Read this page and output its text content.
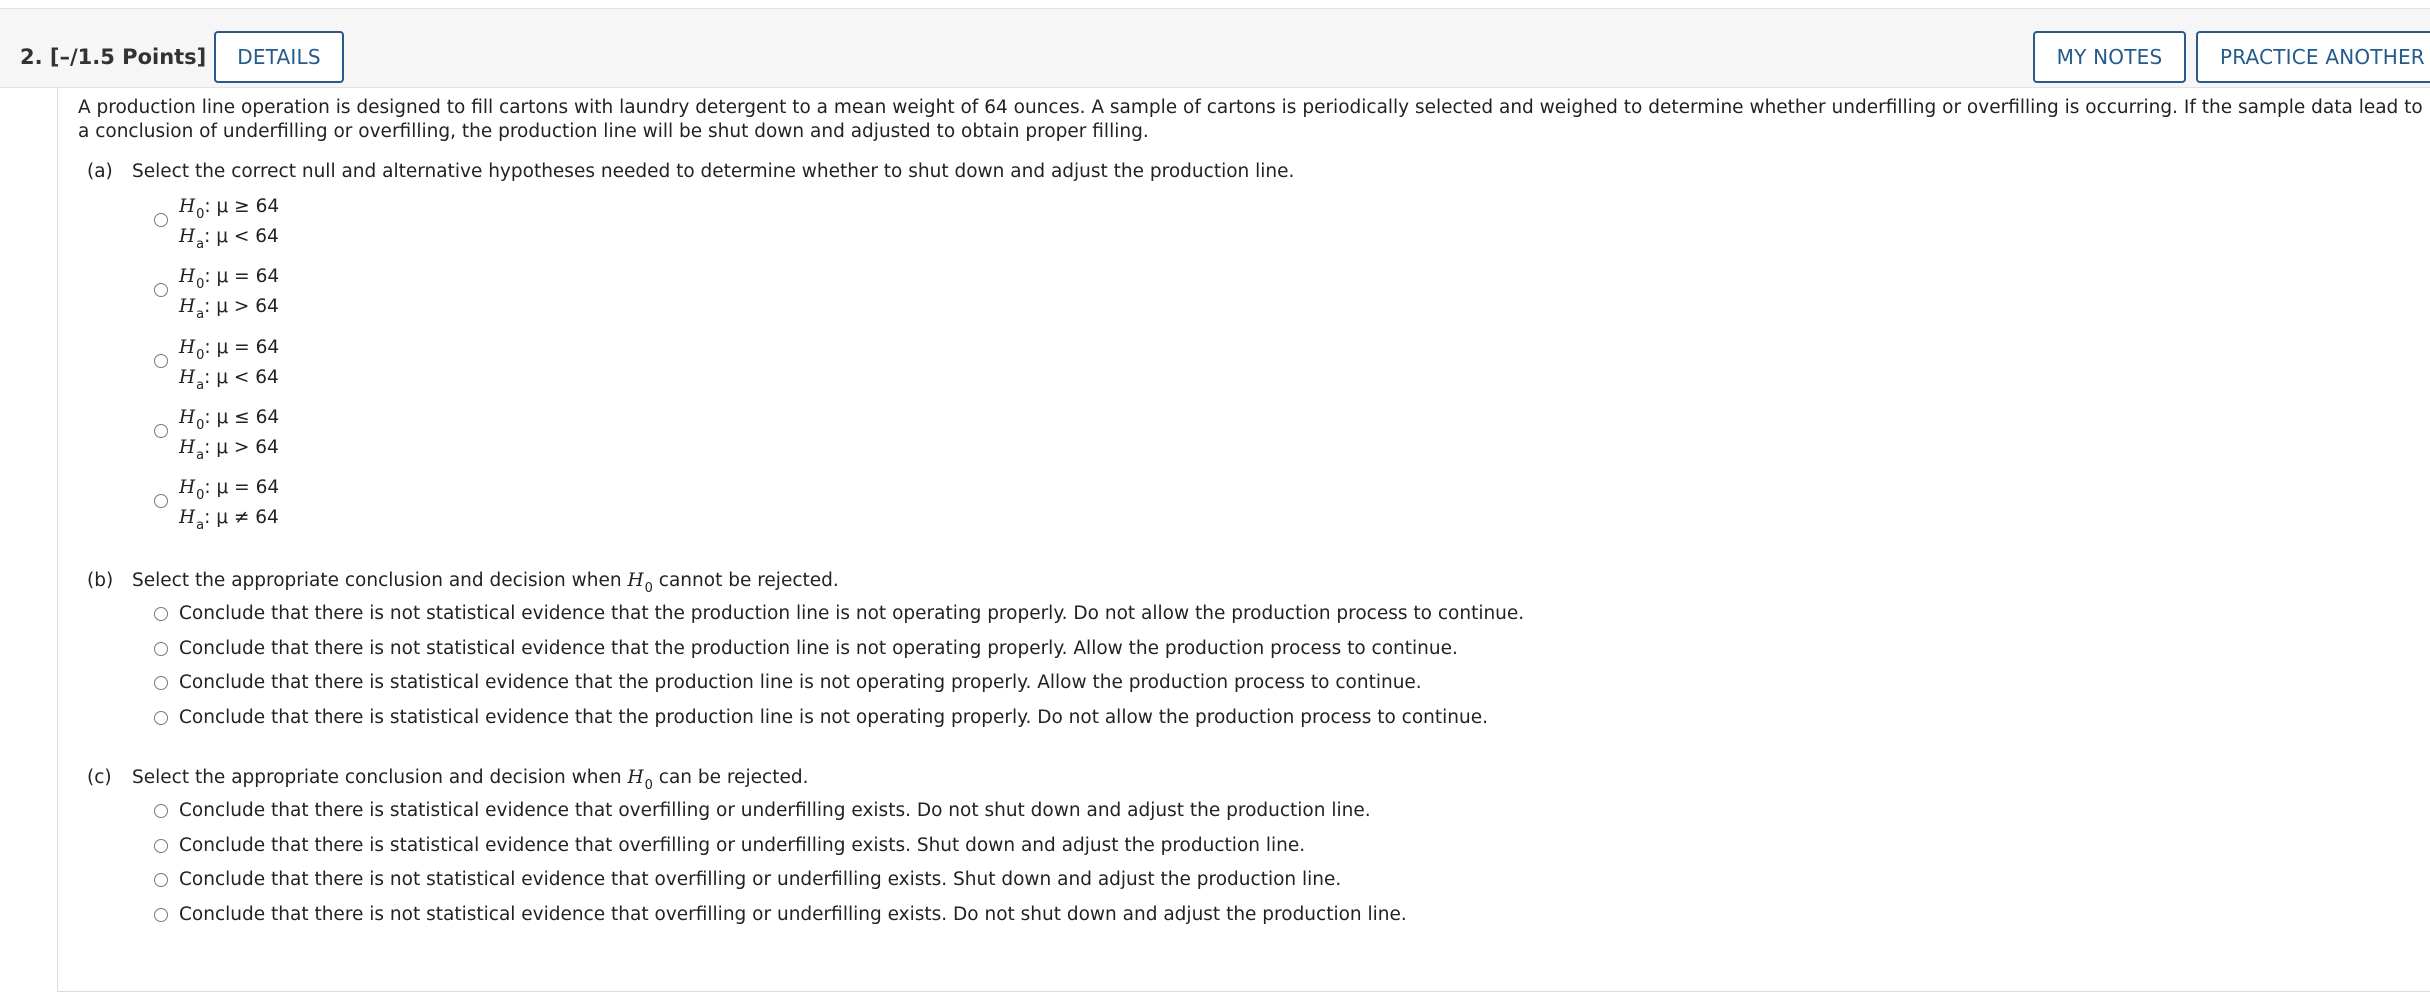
2. [–/1.5 Points]	DETAILS	MY NOTES	PRACTICE ANOTHER
A production line operation is designed to fill cartons with laundry detergent to a mean weight of 64 ounces. A sample of cartons is periodically selected and weighed to determine whether underfilling or overfilling is occurring. If the sample data lead to a conclusion of underfilling or overfilling, the production line will be shut down and adjusted to obtain proper filling.
(a) Select the correct null and alternative hypotheses needed to determine whether to shut down and adjust the production line.
$H_0$: μ ≥ 64
$H_a$: μ < 64
$H_0$: μ = 64
$H_a$: μ > 64
$H_0$: μ = 64
$H_a$: μ < 64
$H_0$: μ ≤ 64
$H_a$: μ > 64
$H_0$: μ = 64
$H_a$: μ ≠ 64
(b) Select the appropriate conclusion and decision when $H_0$ cannot be rejected.
Conclude that there is not statistical evidence that the production line is not operating properly. Do not allow the production process to continue.
Conclude that there is not statistical evidence that the production line is not operating properly. Allow the production process to continue.
Conclude that there is statistical evidence that the production line is not operating properly. Allow the production process to continue.
Conclude that there is statistical evidence that the production line is not operating properly. Do not allow the production process to continue.
(c) Select the appropriate conclusion and decision when $H_0$ can be rejected.
Conclude that there is statistical evidence that overfilling or underfilling exists. Do not shut down and adjust the production line.
Conclude that there is statistical evidence that overfilling or underfilling exists. Shut down and adjust the production line.
Conclude that there is not statistical evidence that overfilling or underfilling exists. Shut down and adjust the production line.
Conclude that there is not statistical evidence that overfilling or underfilling exists. Do not shut down and adjust the production line.
